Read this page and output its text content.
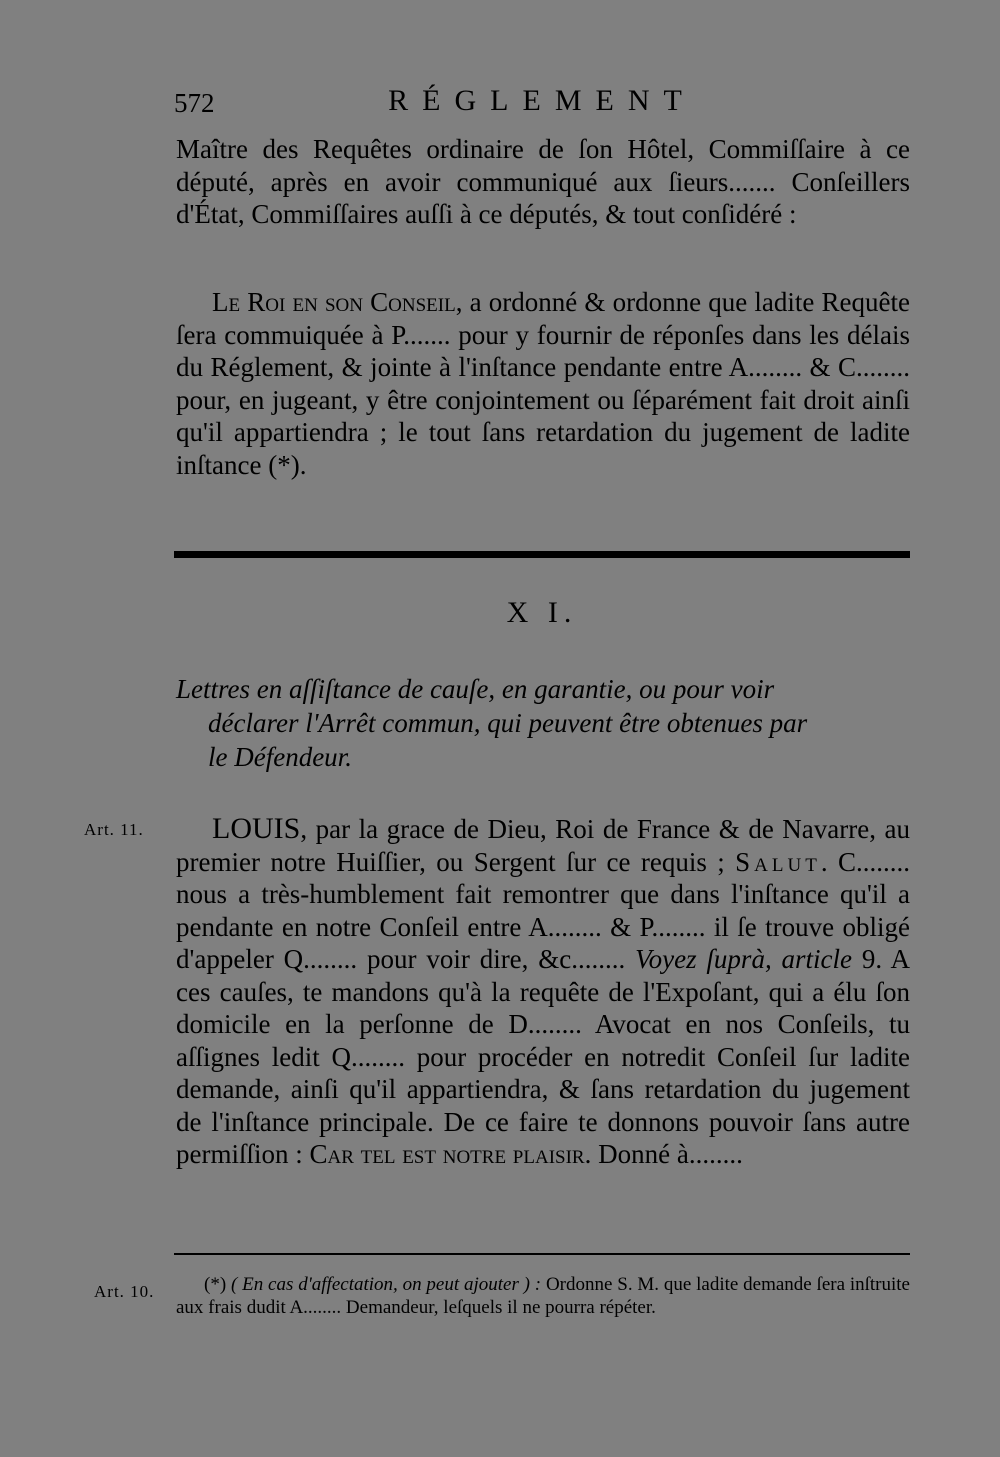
572	RÉGLEMENT
Maître des Requêtes ordinaire de ſon Hôtel, Commiſſaire à ce député, après en avoir communiqué aux ſieurs....... Conſeillers d'État, Commiſſaires auſſi à ce députés, & tout conſidéré :
Le Roi en son Conseil, a ordonné & ordonne que ladite Requête ſera commuiquée à P....... pour y fournir de réponſes dans les délais du Réglement, & jointe à l'inſtance pendante entre A........ & C........ pour, en jugeant, y être conjointement ou ſéparément fait droit ainſi qu'il appartiendra ; le tout ſans retardation du jugement de ladite inſtance (*).
X I.
Lettres en aſſiſtance de cauſe, en garantie, ou pour voir
déclarer l'Arrêt commun, qui peuvent être obtenues par
le Défendeur.
Art. 11.	LOUIS, par la grace de Dieu, Roi de France & de Navarre, au premier notre Huiſſier, ou Sergent ſur ce requis ; Salut. C........ nous a très-humblement fait remontrer que dans l'inſtance qu'il a pendante en notre Conſeil entre A........ & P........ il ſe trouve obligé d'appeler Q........ pour voir dire, &c........ Voyez ſuprà, article 9. A ces cauſes, te mandons qu'à la requête de l'Expoſant, qui a élu ſon domicile en la perſonne de D........ Avocat en nos Conſeils, tu aſſignes ledit Q........ pour procéder en notredit Conſeil ſur ladite demande, ainſi qu'il appartiendra, & ſans retardation du jugement de l'inſtance principale. De ce faire te donnons pouvoir ſans autre permiſſion : Car tel est notre plaisir. Donné à........
Art. 10.	(*) ( En cas d'affectation, on peut ajouter ) : Ordonne S. M. que ladite demande ſera inſtruite aux frais dudit A........ Demandeur, leſquels il ne pourra répéter.
